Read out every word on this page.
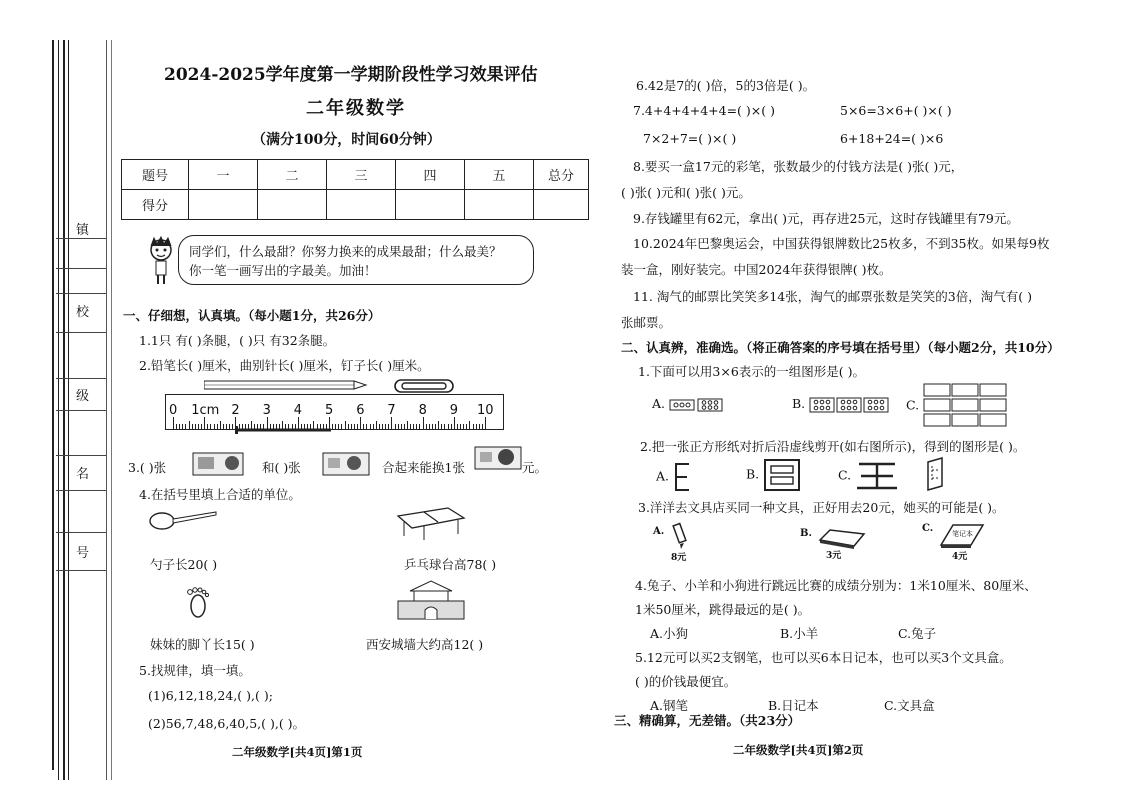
镇
校
级
名
号
2024-2025学年度第一学期阶段性学习效果评估
二年级数学
（满分100分，时间60分钟）
题号	一	二	三	四	五	总分
得分						
同学们，什么最甜？你努力换来的成果最甜；什么最美？
你一笔一画写出的字最美。加油！
一、仔细想，认真填。（每小题1分，共26分）
1.1只 有( )条腿，( )只 有32条腿。
2.铅笔长( )厘米，曲别针长( )厘米，钉子长( )厘米。
0 1cm 2 3 4 5 6 7 8 9 10
3.( )张	和( )张	合起来能换1张	元。
4.在括号里填上合适的单位。
勺子长20( )	乒乓球台高78( )
妹妹的脚丫长15( )	西安城墙大约高12( )
5.找规律，填一填。
(1)6,12,18,24,( ),( );
(2)56,7,48,6,40,5,( ),( )。
二年级数学[共4页]第1页
6.42是7的( )倍，5的3倍是( )。
7.4+4+4+4+4=( )×( )	5×6=3×6+( )×( )
7×2+7=( )×( )	6+18+24=( )×6
8.要买一盒17元的彩笔，张数最少的付钱方法是( )张( )元，
( )张( )元和( )张( )元。
9.存钱罐里有62元，拿出( )元，再存进25元，这时存钱罐里有79元。
10.2024年巴黎奥运会，中国获得银牌数比25枚多，不到35枚。如果每9枚
装一盒，刚好装完。中国2024年获得银牌( )枚。
11. 淘气的邮票比笑笑多14张，淘气的邮票张数是笑笑的3倍，淘气有( )
张邮票。
二、认真辨，准确选。（将正确答案的序号填在括号里）（每小题2分，共10分）
1.下面可以用3×6表示的一组图形是( )。
A.	B.	C.
2.把一张正方形纸对折后沿虚线剪开(如右图所示)，得到的图形是( )。
A.	B.	C.
3.洋洋去文具店买同一种文具，正好用去20元，她买的可能是( )。
A.
8元
$^{B.}$
3元
$^{C.}$	笔记本
4元
4.兔子、小羊和小狗进行跳远比赛的成绩分别为：1米10厘米、80厘米、
1米50厘米，跳得最远的是( )。
A.小狗	B.小羊	C.兔子
5.12元可以买2支钢笔，也可以买6本日记本，也可以买3个文具盒。
( )的价钱最便宜。
A.钢笔	B.日记本	C.文具盒
三、精确算，无差错。（共23分）
二年级数学[共4页]第2页
